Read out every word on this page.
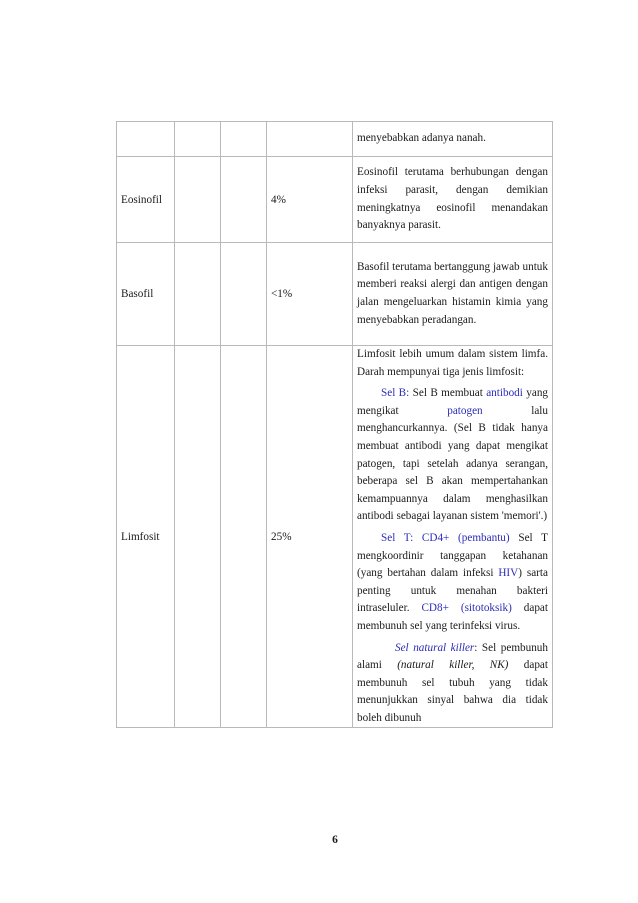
				menyebabkan adanya nanah.

Eosinofil			4%	Eosinofil terutama berhubungan dengan infeksi parasit, dengan demikian meningkatnya eosinofil menandakan banyaknya parasit.

Basofil			<1%	Basofil terutama bertanggung jawab untuk memberi reaksi alergi dan antigen dengan jalan mengeluarkan histamin kimia yang menyebabkan peradangan.

Limfosit			25%	Limfosit lebih umum dalam sistem limfa. Darah mempunyai tiga jenis limfosit:

Sel B: Sel B membuat antibodi yang mengikat patogen lalu menghancurkannya. (Sel B tidak hanya membuat antibodi yang dapat mengikat patogen, tapi setelah adanya serangan, beberapa sel B akan mempertahankan kemampuannya dalam menghasilkan antibodi sebagai layanan sistem 'memori'.)

Sel T: CD4+ (pembantu) Sel T mengkoordinir tanggapan ketahanan (yang bertahan dalam infeksi HIV) sarta penting untuk menahan bakteri intraseluler. CD8+ (sitotoksik) dapat membunuh sel yang terinfeksi virus.

Sel natural killer: Sel pembunuh alami (natural killer, NK) dapat membunuh sel tubuh yang tidak menunjukkan sinyal bahwa dia tidak boleh dibunuh

6
